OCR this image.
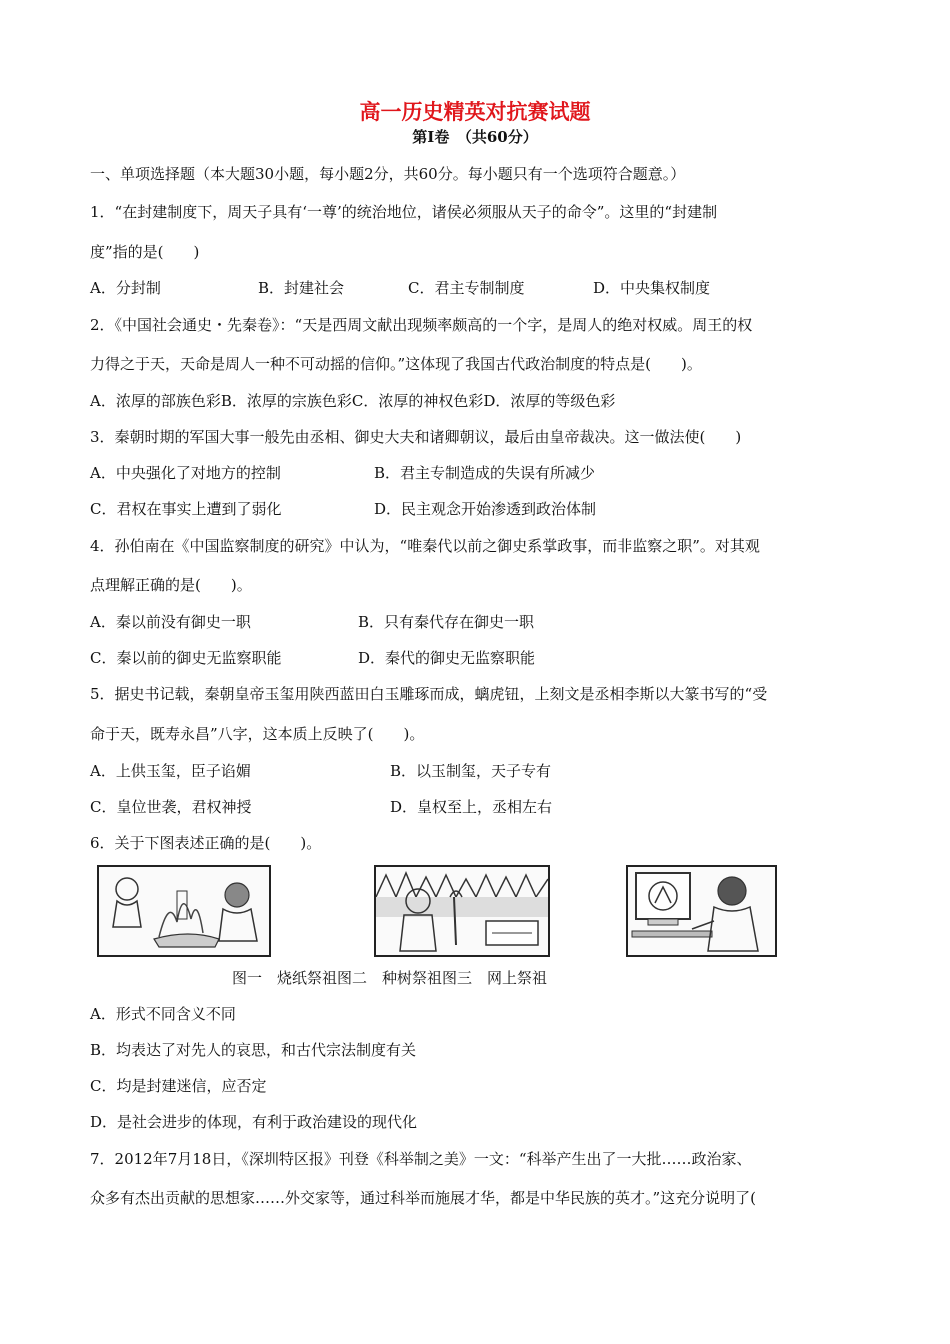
高一历史精英对抗赛试题
第Ⅰ卷　（共60分）
一、单项选择题（本大题30小题，每小题2分，共60分。每小题只有一个选项符合题意。）
1．“在封建制度下，周天子具有‘一尊’的统治地位，诸侯必须服从天子的命令”。这里的“封建制
度”指的是(　　)
A．分封制	B．封建社会	C．君主专制制度	D．中央集权制度
2．《中国社会通史・先秦卷》：“天是西周文献出现频率颇高的一个字，是周人的绝对权威。周王的权
力得之于天，天命是周人一种不可动摇的信仰。”这体现了我国古代政治制度的特点是(　　)。
A．浓厚的部族色彩B．浓厚的宗族色彩C．浓厚的神权色彩D．浓厚的等级色彩
3．秦朝时期的军国大事一般先由丞相、御史大夫和诸卿朝议，最后由皇帝裁决。这一做法使(　　)
A．中央强化了对地方的控制	B．君主专制造成的失误有所减少
C．君权在事实上遭到了弱化	D．民主观念开始渗透到政治体制
4．孙伯南在《中国监察制度的研究》中认为，“唯秦代以前之御史系掌政事，而非监察之职”。对其观
点理解正确的是(　　)。
A．秦以前没有御史一职	B．只有秦代存在御史一职
C．秦以前的御史无监察职能	D．秦代的御史无监察职能
5．据史书记载，秦朝皇帝玉玺用陕西蓝田白玉雕琢而成，螭虎钮，上刻文是丞相李斯以大篆书写的“受
命于天，既寿永昌”八字，这本质上反映了(　　)。
A．上供玉玺，臣子谄媚	B．以玉制玺，天子专有
C．皇位世袭，君权神授	D．皇权至上，丞相左右
6．关于下图表述正确的是(　　)。
图一　烧纸祭祖图二　种树祭祖图三　网上祭祖
A．形式不同含义不同
B．均表达了对先人的哀思，和古代宗法制度有关
C．均是封建迷信，应否定
D．是社会进步的体现，有利于政治建设的现代化
7．2012年7月18日，《深圳特区报》刊登《科举制之美》一文：“科举产生出了一大批……政治家、
众多有杰出贡献的思想家……外交家等，通过科举而施展才华，都是中华民族的英才。”这充分说明了(
